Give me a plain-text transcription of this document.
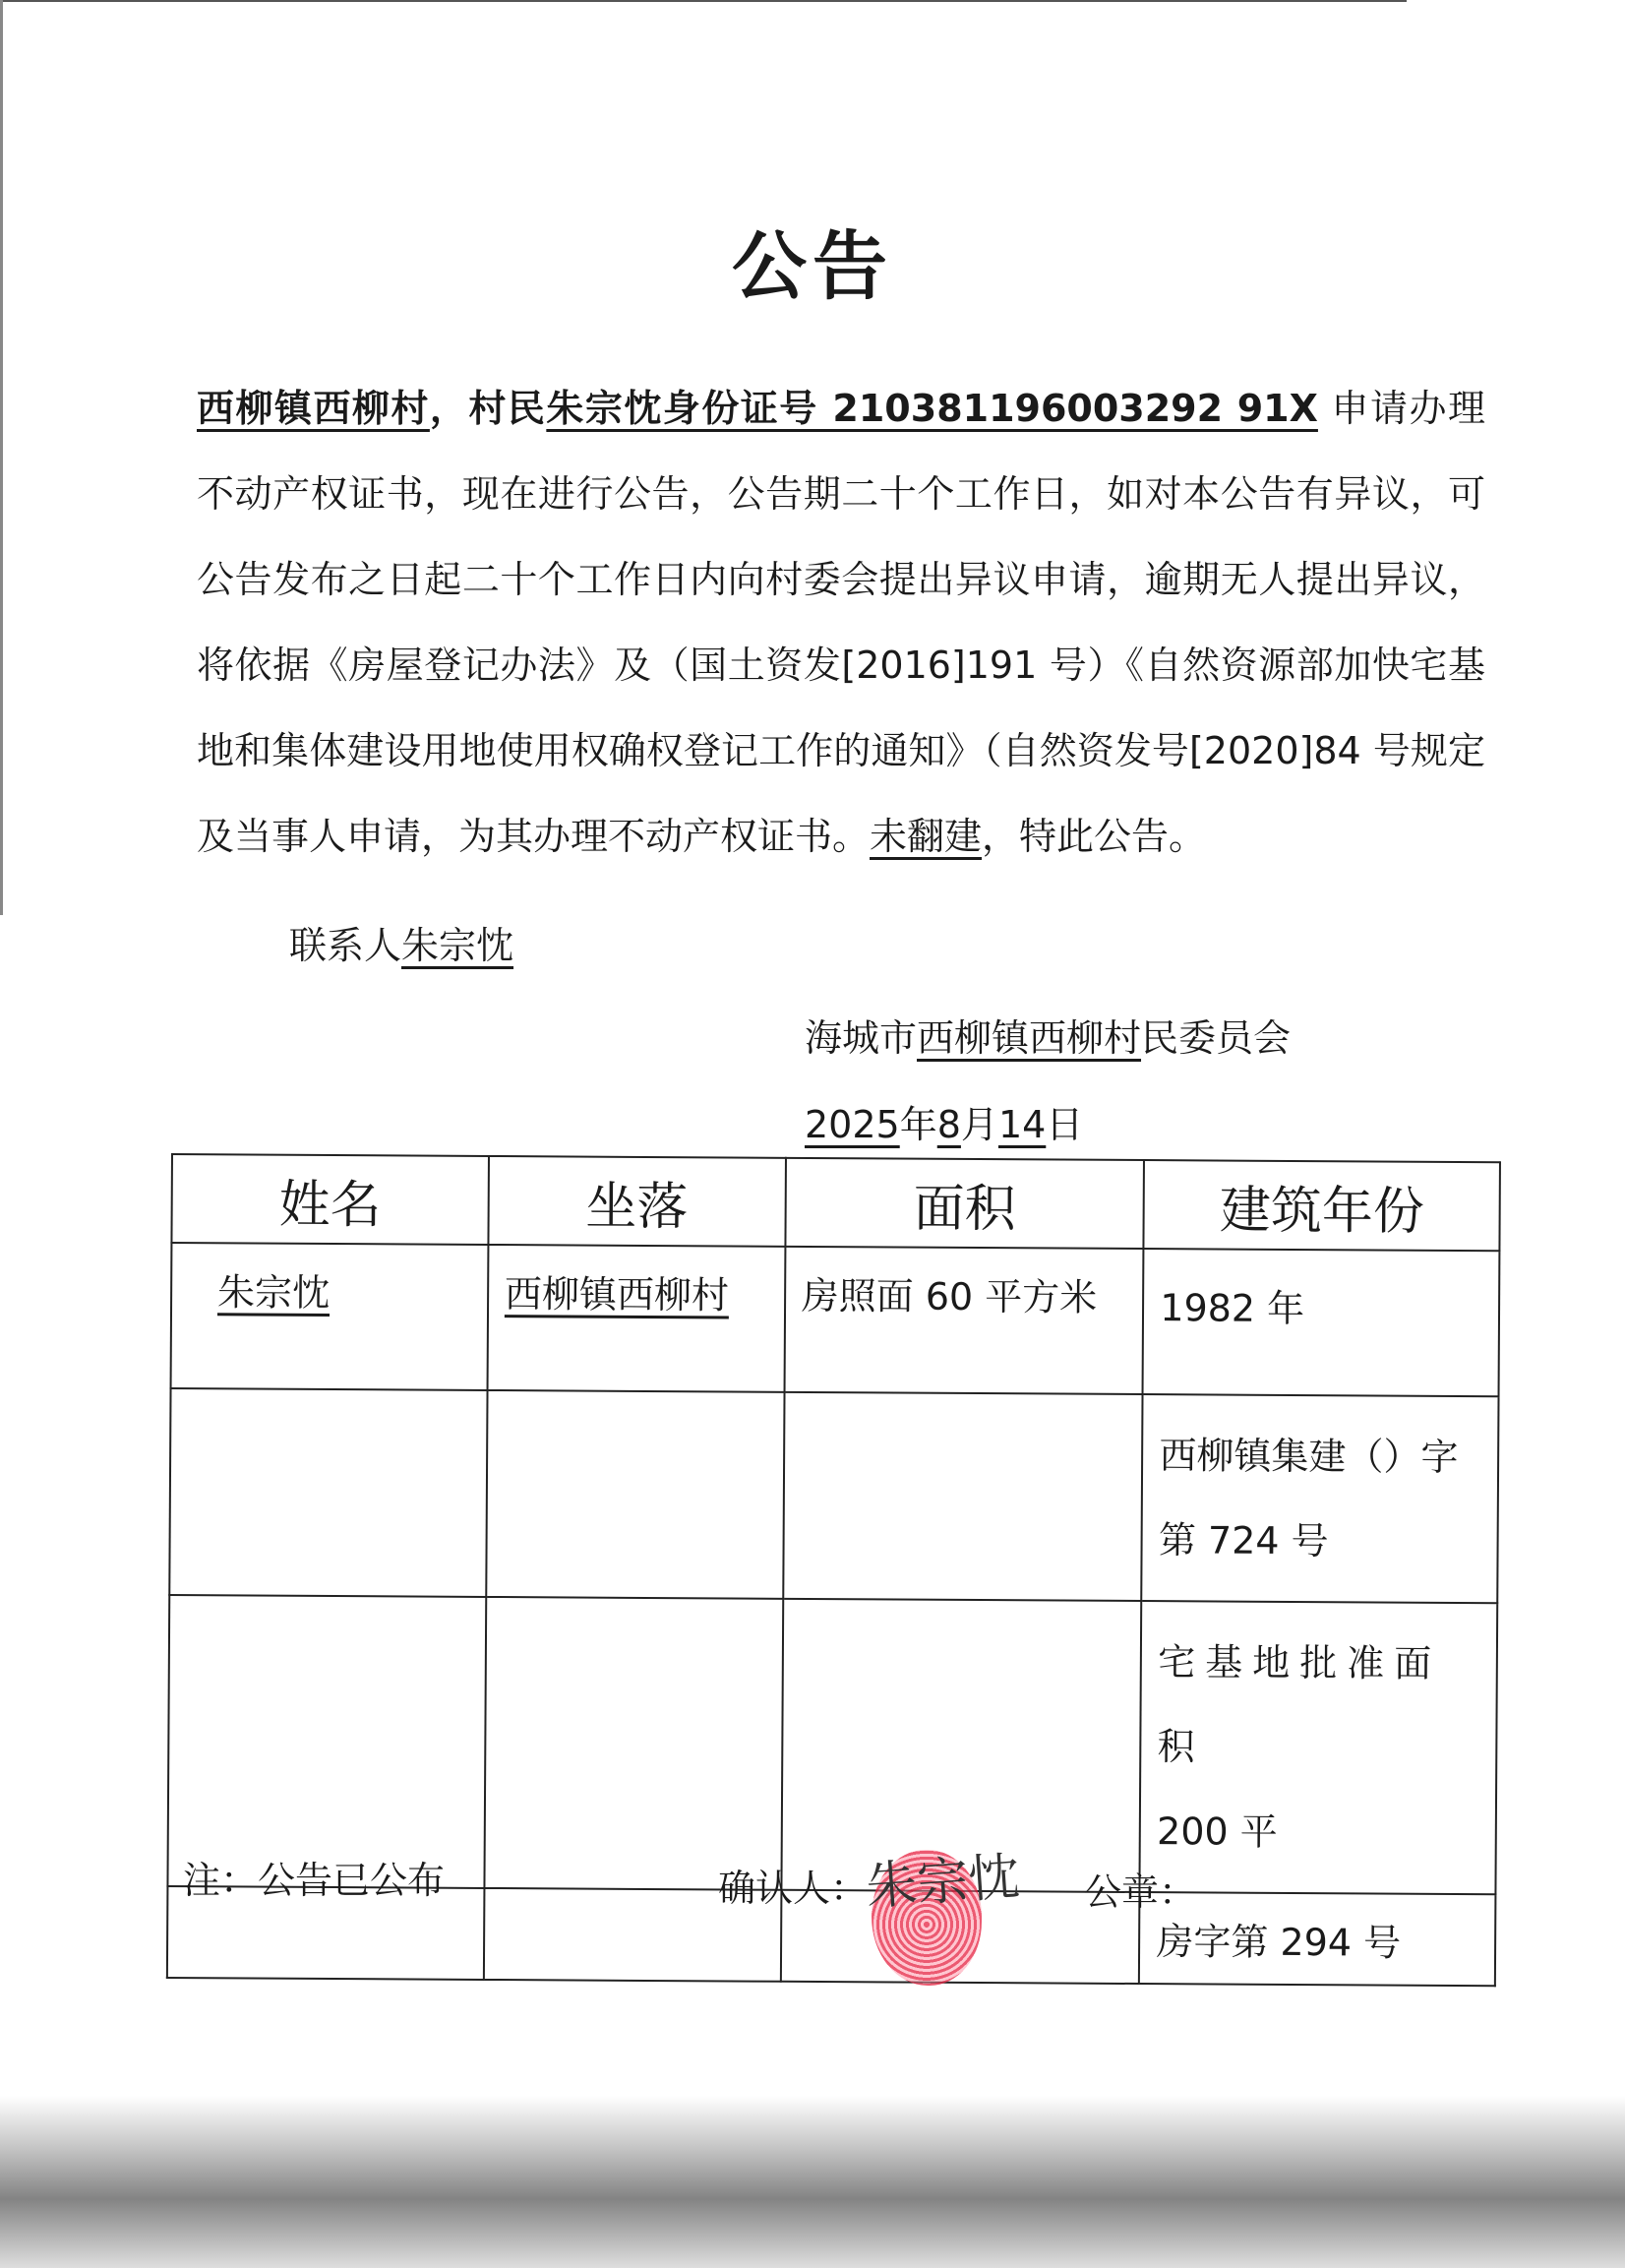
公告
西柳镇西柳村，村民朱宗忱身份证号 210381196003292 91X 申请办理不动产权证书，现在进行公告，公告期二十个工作日，如对本公告有异议，可公告发布之日起二十个工作日内向村委会提出异议申请，逾期无人提出异议，将依据《房屋登记办法》及（国土资发[2016]191 号）《自然资源部加快宅基地和集体建设用地使用权确权登记工作的通知》（自然资发号[2020]84 号规定及当事人申请，为其办理不动产权证书。未翻建，特此公告。
联系人朱宗忱
海城市西柳镇西柳村民委员会
2025年8月14日
姓名	坐落	面积	建筑年份
朱宗忱	西柳镇西柳村	房照面 60 平方米	1982 年

			西柳镇集建（）字
第 724 号

			宅基地批准面积
200 平

			房字第 294 号
注：公告已公布	确认人：
朱宗忱 公章：
